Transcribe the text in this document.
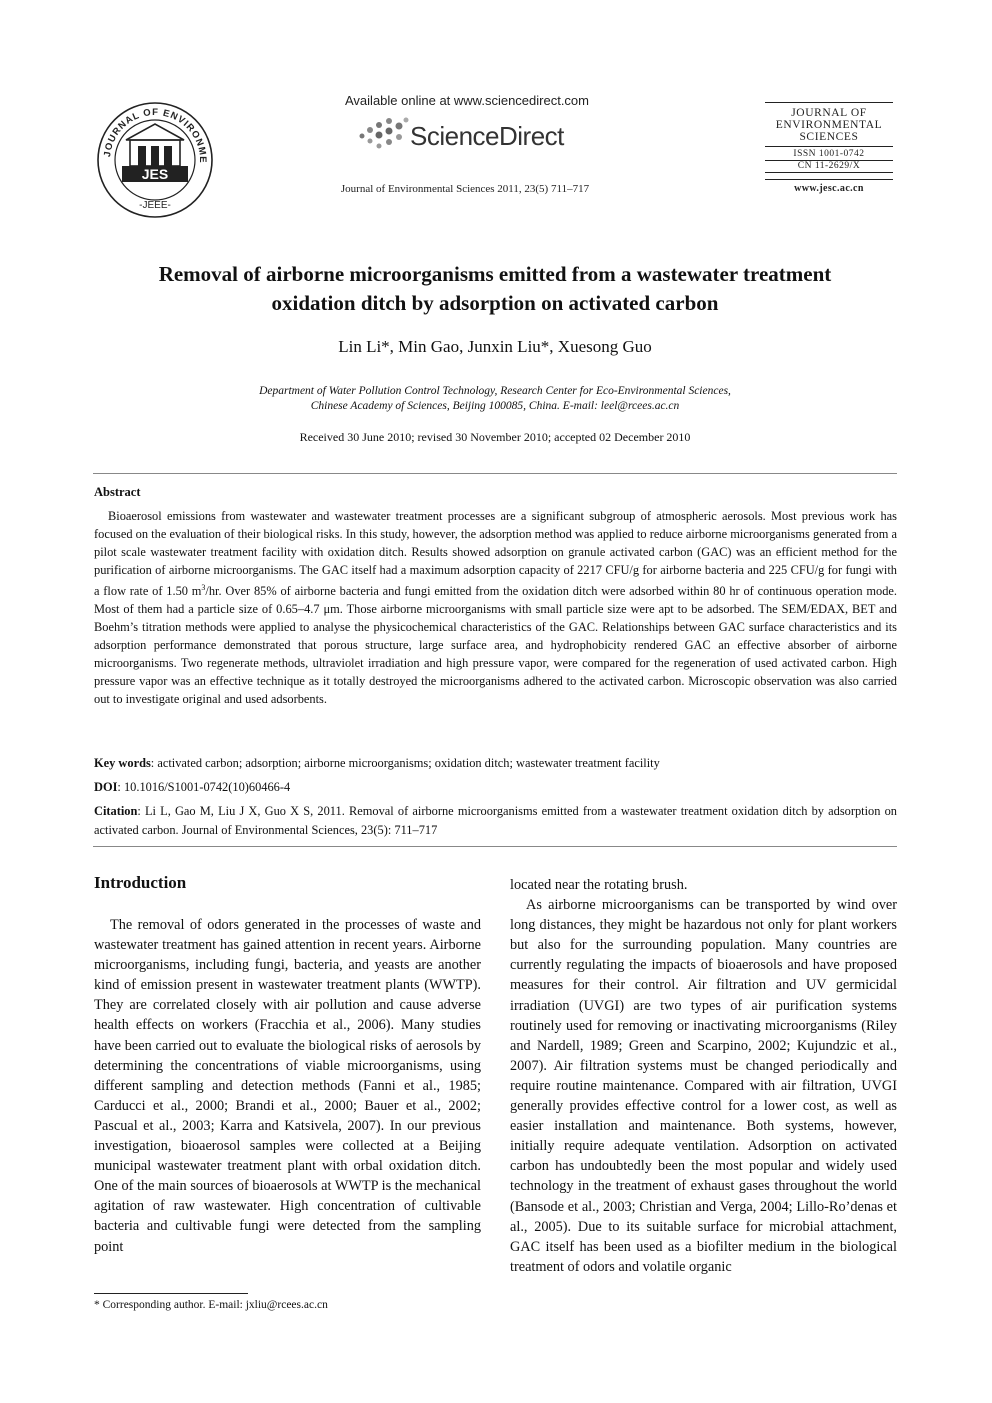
JOURNAL OF ENVIRONME
JES
-JEEE-
Available online at www.sciencedirect.com
ScienceDirect
Journal of Environmental Sciences 2011, 23(5) 711–717
JOURNAL OF
ENVIRONMENTAL
SCIENCES
ISSN 1001-0742
CN 11-2629/X
www.jesc.ac.cn
Removal of airborne microorganisms emitted from a wastewater treatment
oxidation ditch by adsorption on activated carbon
Lin Li*, Min Gao, Junxin Liu*, Xuesong Guo
Department of Water Pollution Control Technology, Research Center for Eco-Environmental Sciences,
Chinese Academy of Sciences, Beijing 100085, China. E-mail: leel@rcees.ac.cn
Received 30 June 2010; revised 30 November 2010; accepted 02 December 2010
Abstract
Bioaerosol emissions from wastewater and wastewater treatment processes are a significant subgroup of atmospheric aerosols. Most previous work has focused on the evaluation of their biological risks. In this study, however, the adsorption method was applied to reduce airborne microorganisms generated from a pilot scale wastewater treatment facility with oxidation ditch. Results showed adsorption on granule activated carbon (GAC) was an efficient method for the purification of airborne microorganisms. The GAC itself had a maximum adsorption capacity of 2217 CFU/g for airborne bacteria and 225 CFU/g for fungi with a flow rate of 1.50 $m^3/hr$. Over 85% of airborne bacteria and fungi emitted from the oxidation ditch were adsorbed within 80 hr of continuous operation mode. Most of them had a particle size of 0.65–4.7 μm. Those airborne microorganisms with small particle size were apt to be adsorbed. The SEM/EDAX, BET and Boehm’s titration methods were applied to analyse the physicochemical characteristics of the GAC. Relationships between GAC surface characteristics and its adsorption performance demonstrated that porous structure, large surface area, and hydrophobicity rendered GAC an effective absorber of airborne microorganisms. Two regenerate methods, ultraviolet irradiation and high pressure vapor, were compared for the regeneration of used activated carbon. High pressure vapor was an effective technique as it totally destroyed the microorganisms adhered to the activated carbon. Microscopic observation was also carried out to investigate original and used adsorbents.
Key words: activated carbon; adsorption; airborne microorganisms; oxidation ditch; wastewater treatment facility
DOI: 10.1016/S1001-0742(10)60466-4
Citation: Li L, Gao M, Liu J X, Guo X S, 2011. Removal of airborne microorganisms emitted from a wastewater treatment oxidation ditch by adsorption on activated carbon. Journal of Environmental Sciences, 23(5): 711–717
Introduction
The removal of odors generated in the processes of waste and wastewater treatment has gained attention in recent years. Airborne microorganisms, including fungi, bacteria, and yeasts are another kind of emission present in wastewater treatment plants (WWTP). They are correlated closely with air pollution and cause adverse health effects on workers (Fracchia et al., 2006). Many studies have been carried out to evaluate the biological risks of aerosols by determining the concentrations of viable microorganisms, using different sampling and detection methods (Fanni et al., 1985; Carducci et al., 2000; Brandi et al., 2000; Bauer et al., 2002; Pascual et al., 2003; Karra and Katsivela, 2007). In our previous investigation, bioaerosol samples were collected at a Beijing municipal wastewater treatment plant with orbal oxidation ditch. One of the main sources of bioaerosols at WWTP is the mechanical agitation of raw wastewater. High concentration of cultivable bacteria and cultivable fungi were detected from the sampling point
located near the rotating brush.
As airborne microorganisms can be transported by wind over long distances, they might be hazardous not only for plant workers but also for the surrounding population. Many countries are currently regulating the impacts of bioaerosols and have proposed measures for their control. Air filtration and UV germicidal irradiation (UVGI) are two types of air purification systems routinely used for removing or inactivating microorganisms (Riley and Nardell, 1989; Green and Scarpino, 2002; Kujundzic et al., 2007). Air filtration systems must be changed periodically and require routine maintenance. Compared with air filtration, UVGI generally provides effective control for a lower cost, as well as easier installation and maintenance. Both systems, however, initially require adequate ventilation. Adsorption on activated carbon has undoubtedly been the most popular and widely used technology in the treatment of exhaust gases throughout the world (Bansode et al., 2003; Christian and Verga, 2004; Lillo-Ro’denas et al., 2005). Due to its suitable surface for microbial attachment, GAC itself has been used as a biofilter medium in the biological treatment of odors and volatile organic
* Corresponding author. E-mail: jxliu@rcees.ac.cn
